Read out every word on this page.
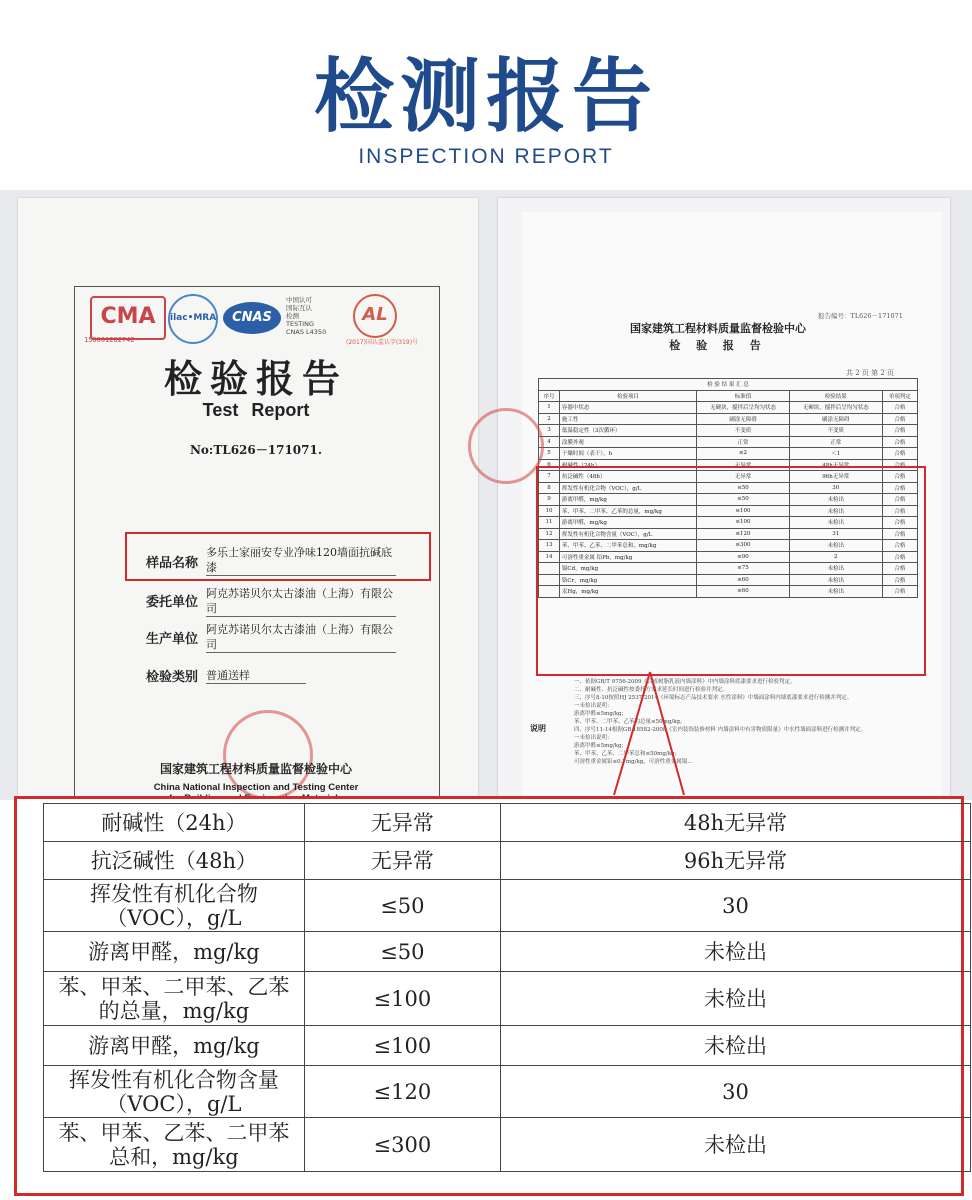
检测报告
INSPECTION REPORT
CMA
150001282742
ilac•MRA	CNAS
中国认可
国际互认
检测
TESTING
CNAS L4350
AL
(2017)国认监认字(319)号
检验报告
Test Report
No:TL626－171071.
样品名称
多乐士家丽安专业净味120墙面抗碱底漆
委托单位
阿克苏诺贝尔太古漆油（上海）有限公司
生产单位
阿克苏诺贝尔太古漆油（上海）有限公司
检验类别 普通送样
国家建筑工程材料质量监督检验中心
China National Inspection and Testing Center
报告编号：TL626－171071
国家建筑工程材料质量监督检验中心
检 验 报 告
共 2 页 第 2 页
检 验 结 果 汇 总				
序号	检验项目	标准值	检验结果	单项判定
1	容器中状态	无硬块，搅拌后呈均匀状态	无硬块，搅拌后呈均匀状态	合格
2	施工性	刷涂无障碍	刷涂无障碍	合格
3	低温稳定性（3次循环）	不变质	不变质	合格
4	涂膜外观	正常	正常	合格
5	干燥时间（表干），h	≤2	＜1	合格
6	耐碱性（24h）	无异常	48h无异常	合格
7	抗泛碱性（48h）	无异常	96h无异常	合格
8	挥发性有机化合物（VOC），g/L	≤50	30	合格
9	游离甲醛，mg/kg	≤50	未检出	合格
10	苯、甲苯、二甲苯、乙苯的总量，mg/kg	≤100	未检出	合格
11	游离甲醛，mg/kg	≤100	未检出	合格
12	挥发性有机化合物含量（VOC），g/L	≤120	31	合格
13	苯、甲苯、乙苯、二甲苯总和，mg/kg	≤300	未检出	合格
14	可溶性重金属 铅Pb，mg/kg	≤90	2	合格
	镉Cd，mg/kg	≤75	未检出	合格
	铬Cr，mg/kg	≤60	未检出	合格
	汞Hg，mg/kg	≤60	未检出	合格
说明
一、依据GB/T 9756-2009《合成树脂乳液内墙涂料》中内墙涂料底漆要求进行检验判定。
二、耐碱性、抗泛碱性按委托方要求延长时间进行检验并判定。
三、序号8-10按照HJ 2537-2014《环境标志产品技术要求 水性涂料》中墙面涂料内墙底漆要求进行检测并判定。
一未检出说明：
游离甲醛≤5mg/kg；
苯、甲苯、二甲苯、乙苯的总量≤50mg/kg。
四、序号11-14根据GB 18582-2008《室内装饰装修材料 内墙涂料中有害物质限量》中水性墙面涂料进行检测并判定。
一未检出说明：
游离甲醛≤5mg/kg；
苯、甲苯、乙苯、二甲苯总和≤50mg/kg；
可溶性重金属铅≤0.7mg/kg，可溶性重金属镉…
耐碱性（24h）	无异常	48h无异常

抗泛碱性（48h）	无异常	96h无异常

挥发性有机化合物
（VOC），g/L	≤50	30

游离甲醛，mg/kg	≤50	未检出

苯、甲苯、二甲苯、乙苯
的总量，mg/kg	≤100	未检出

游离甲醛，mg/kg	≤100	未检出

挥发性有机化合物含量
（VOC），g/L	≤120	30

苯、甲苯、乙苯、二甲苯
总和，mg/kg	≤300	未检出
